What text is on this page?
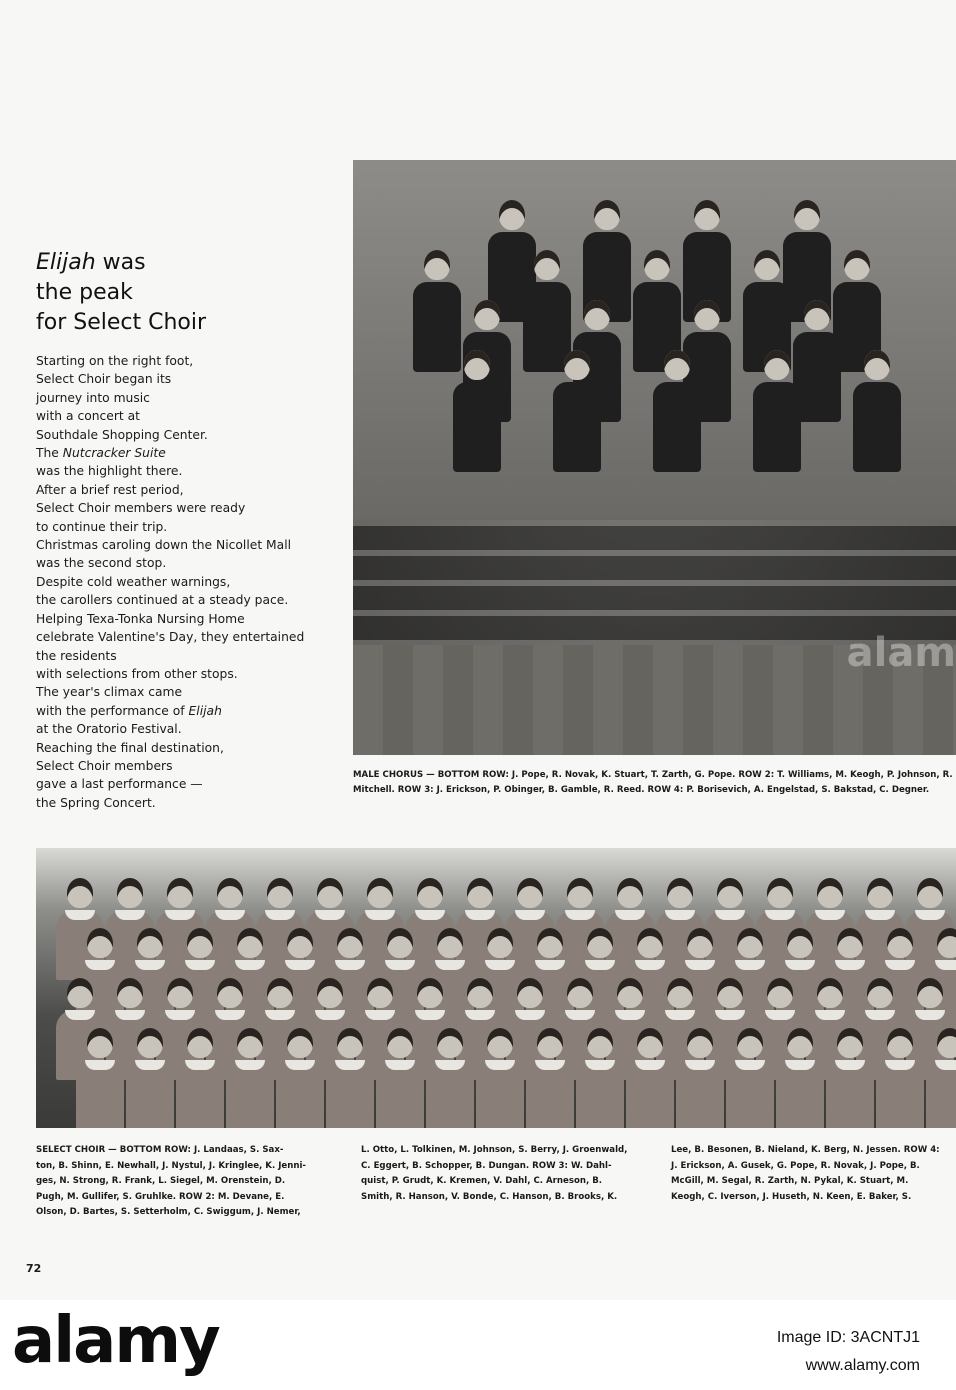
Elijah was
the peak
for Select Choir
Starting on the right foot,
Select Choir began its
journey into music
with a concert at
Southdale Shopping Center.
The Nutcracker Suite
was the highlight there.
After a brief rest period,
Select Choir members were ready
to continue their trip.
Christmas caroling down the Nicollet Mall
was the second stop.
Despite cold weather warnings,
the carollers continued at a steady pace.
Helping Texa-Tonka Nursing Home
celebrate Valentine's Day, they entertained
the residents
with selections from other stops.
The year's climax came
with the performance of Elijah
at the Oratorio Festival.
Reaching the final destination,
Select Choir members
gave a last performance —
the Spring Concert.
alam
MALE CHORUS — BOTTOM ROW: J. Pope, R. Novak, K. Stuart, T. Zarth, G. Pope. ROW 2: T. Williams, M. Keogh, P. Johnson, R. Mitchell. ROW 3: J. Erickson, P. Obinger, B. Gamble, R. Reed. ROW 4: P. Borisevich, A. Engelstad, S. Bakstad, C. Degner.
SELECT CHOIR — BOTTOM ROW: J. Landaas, S. Sax-
ton, B. Shinn, E. Newhall, J. Nystul, J. Kringlee, K. Jenni-
ges, N. Strong, R. Frank, L. Siegel, M. Orenstein, D.
Pugh, M. Gullifer, S. Gruhlke. ROW 2: M. Devane, E.
Olson, D. Bartes, S. Setterholm, C. Swiggum, J. Nemer,
L. Otto, L. Tolkinen, M. Johnson, S. Berry, J. Groenwald,
C. Eggert, B. Schopper, B. Dungan. ROW 3: W. Dahl-
quist, P. Grudt, K. Kremen, V. Dahl, C. Arneson, B.
Smith, R. Hanson, V. Bonde, C. Hanson, B. Brooks, K.
Lee, B. Besonen, B. Nieland, K. Berg, N. Jessen. ROW 4:
J. Erickson, A. Gusek, G. Pope, R. Novak, J. Pope, B.
McGill, M. Segal, R. Zarth, N. Pykal, K. Stuart, M.
Keogh, C. Iverson, J. Huseth, N. Keen, E. Baker, S.
72
alamy	Image ID: 3ACNTJ1
www.alamy.com
